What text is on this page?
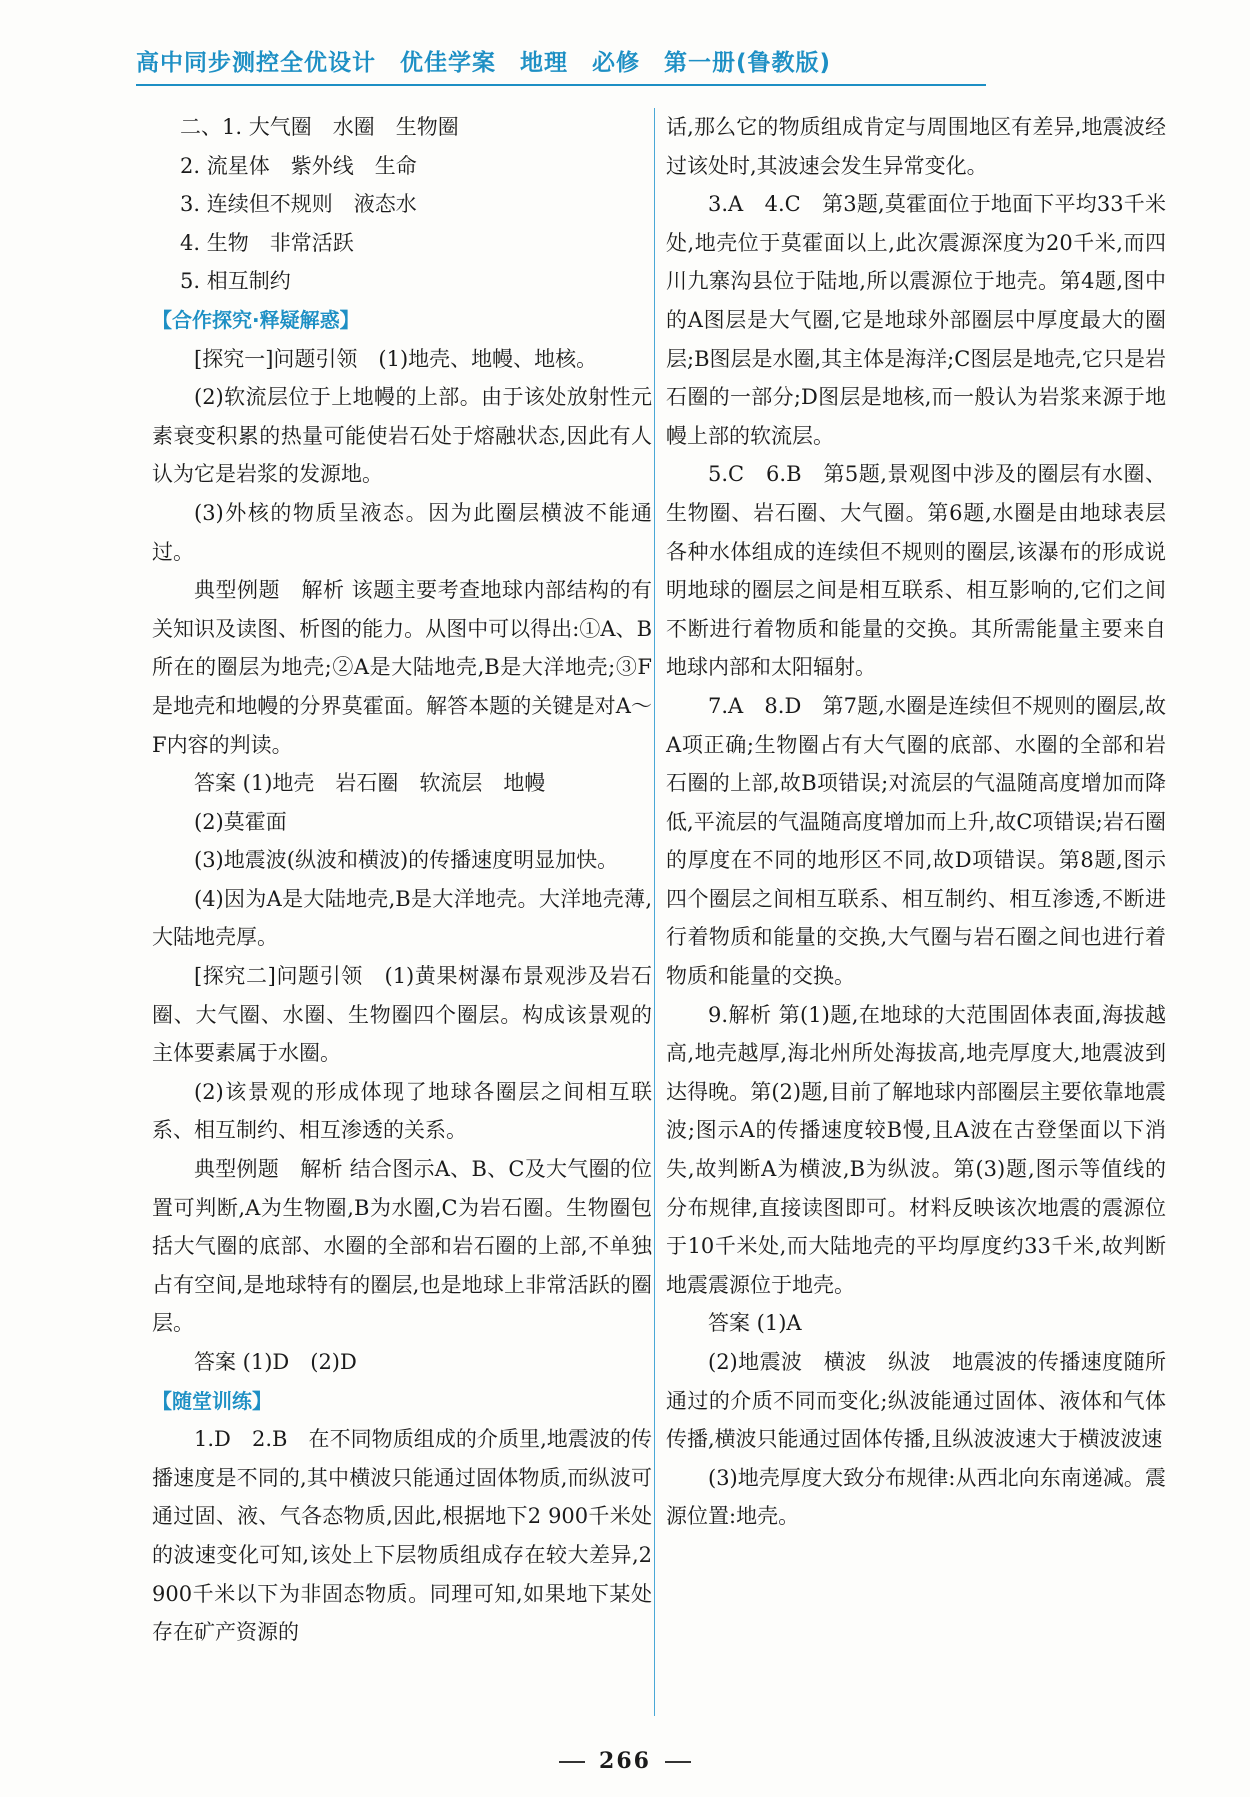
高中同步测控全优设计　优佳学案　地理　必修　第一册(鲁教版)

二、1. 大气圈　水圈　生物圈

2. 流星体　紫外线　生命

3. 连续但不规则　液态水

4. 生物　非常活跃

5. 相互制约

【合作探究·释疑解惑】

[探究一]问题引领　(1)地壳、地幔、地核。

(2)软流层位于上地幔的上部。由于该处放射性元素衰变积累的热量可能使岩石处于熔融状态,因此有人认为它是岩浆的发源地。

(3)外核的物质呈液态。因为此圈层横波不能通过。

典型例题　解析 该题主要考查地球内部结构的有关知识及读图、析图的能力。从图中可以得出:①A、B所在的圈层为地壳;②A是大陆地壳,B是大洋地壳;③F是地壳和地幔的分界莫霍面。解答本题的关键是对A～F内容的判读。

答案 (1)地壳　岩石圈　软流层　地幔

(2)莫霍面

(3)地震波(纵波和横波)的传播速度明显加快。

(4)因为A是大陆地壳,B是大洋地壳。大洋地壳薄,大陆地壳厚。

[探究二]问题引领　(1)黄果树瀑布景观涉及岩石圈、大气圈、水圈、生物圈四个圈层。构成该景观的主体要素属于水圈。

(2)该景观的形成体现了地球各圈层之间相互联系、相互制约、相互渗透的关系。

典型例题　解析 结合图示A、B、C及大气圈的位置可判断,A为生物圈,B为水圈,C为岩石圈。生物圈包括大气圈的底部、水圈的全部和岩石圈的上部,不单独占有空间,是地球特有的圈层,也是地球上非常活跃的圈层。

答案 (1)D　(2)D

【随堂训练】

1.D　2.B　在不同物质组成的介质里,地震波的传播速度是不同的,其中横波只能通过固体物质,而纵波可通过固、液、气各态物质,因此,根据地下2 900千米处的波速变化可知,该处上下层物质组成存在较大差异,2 900千米以下为非固态物质。同理可知,如果地下某处存在矿产资源的

话,那么它的物质组成肯定与周围地区有差异,地震波经过该处时,其波速会发生异常变化。

3.A　4.C　第3题,莫霍面位于地面下平均33千米处,地壳位于莫霍面以上,此次震源深度为20千米,而四川九寨沟县位于陆地,所以震源位于地壳。第4题,图中的A图层是大气圈,它是地球外部圈层中厚度最大的圈层;B图层是水圈,其主体是海洋;C图层是地壳,它只是岩石圈的一部分;D图层是地核,而一般认为岩浆来源于地幔上部的软流层。

5.C　6.B　第5题,景观图中涉及的圈层有水圈、生物圈、岩石圈、大气圈。第6题,水圈是由地球表层各种水体组成的连续但不规则的圈层,该瀑布的形成说明地球的圈层之间是相互联系、相互影响的,它们之间不断进行着物质和能量的交换。其所需能量主要来自地球内部和太阳辐射。

7.A　8.D　第7题,水圈是连续但不规则的圈层,故A项正确;生物圈占有大气圈的底部、水圈的全部和岩石圈的上部,故B项错误;对流层的气温随高度增加而降低,平流层的气温随高度增加而上升,故C项错误;岩石圈的厚度在不同的地形区不同,故D项错误。第8题,图示四个圈层之间相互联系、相互制约、相互渗透,不断进行着物质和能量的交换,大气圈与岩石圈之间也进行着物质和能量的交换。

9.解析 第(1)题,在地球的大范围固体表面,海拔越高,地壳越厚,海北州所处海拔高,地壳厚度大,地震波到达得晚。第(2)题,目前了解地球内部圈层主要依靠地震波;图示A的传播速度较B慢,且A波在古登堡面以下消失,故判断A为横波,B为纵波。第(3)题,图示等值线的分布规律,直接读图即可。材料反映该次地震的震源位于10千米处,而大陆地壳的平均厚度约33千米,故判断地震震源位于地壳。

答案 (1)A

(2)地震波　横波　纵波　地震波的传播速度随所通过的介质不同而变化;纵波能通过固体、液体和气体传播,横波只能通过固体传播,且纵波波速大于横波波速

(3)地壳厚度大致分布规律:从西北向东南递减。震源位置:地壳。

266
